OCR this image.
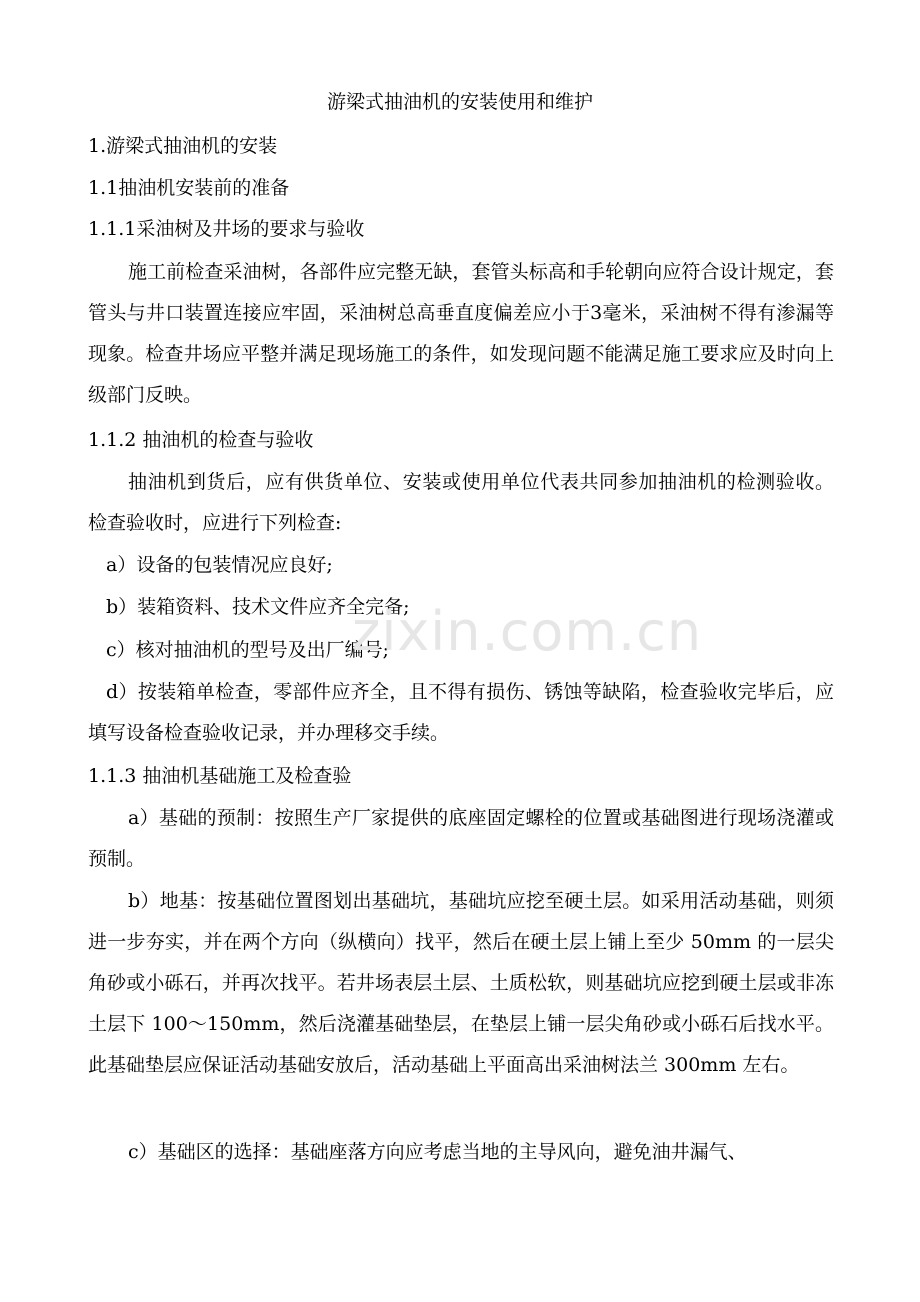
游梁式抽油机的安装使用和维护
1.游梁式抽油机的安装
1.1抽油机安装前的准备
1.1.1采油树及井场的要求与验收
施工前检查采油树，各部件应完整无缺，套管头标高和手轮朝向应符合设计规定，套管头与井口装置连接应牢固，采油树总高垂直度偏差应小于3毫米，采油树不得有渗漏等现象。检查井场应平整并满足现场施工的条件，如发现问题不能满足施工要求应及时向上级部门反映。
1.1.2 抽油机的检查与验收
抽油机到货后，应有供货单位、安装或使用单位代表共同参加抽油机的检测验收。 检查验收时，应进行下列检查:
a）设备的包装情况应良好;
b）装箱资料、技术文件应齐全完备;
c）核对抽油机的型号及出厂编号;
d）按装箱单检查，零部件应齐全，且不得有损伤、锈蚀等缺陷，检查验收完毕后，应填写设备检查验收记录，并办理移交手续。
1.1.3 抽油机基础施工及检查验
a）基础的预制：按照生产厂家提供的底座固定螺栓的位置或基础图进行现场浇灌或预制。
b）地基：按基础位置图划出基础坑，基础坑应挖至硬土层。如采用活动基础，则须进一步夯实，并在两个方向（纵横向）找平，然后在硬土层上铺上至少 50mm 的一层尖角砂或小砾石，并再次找平。若井场表层土层、土质松软，则基础坑应挖到硬土层或非冻土层下 100～150mm，然后浇灌基础垫层，在垫层上铺一层尖角砂或小砾石后找水平。此基础垫层应保证活动基础安放后，活动基础上平面高出采油树法兰 300mm 左右。
c）基础区的选择：基础座落方向应考虑当地的主导风向，避免油井漏气、
zixin.com.cn
